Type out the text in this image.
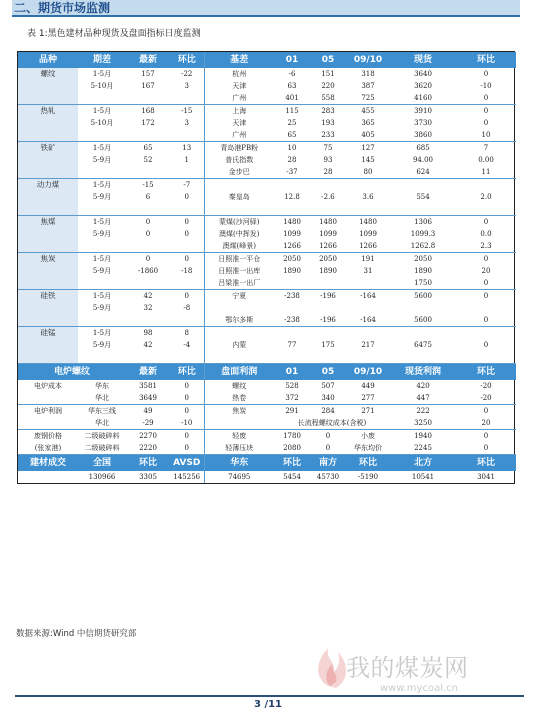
二、期货市场监测
表 1:黑色建材品种现货及盘面指标日度监测
品种	期差	最新	环比	基差	01	05	09/10	现货	环比
螺纹	1-5月	157	-22	杭州	-6	151	318	3640	0
	5-10月	167	3	天津	63	220	387	3620	-10
				广州	401	558	725	4160	0
热轧	1-5月	168	-15	上海	115	283	455	3910	0
	5-10月	172	3	天津	25	193	365	3730	0
				广州	65	233	405	3860	10
铁矿	1-5月	65	13	青岛港PB粉	10	75	127	685	7
	5-9月	52	1	普氏指数	28	93	145	94.00	0.00
				金步巴	-37	28	80	624	11
动力煤	1-5月	-15	-7						
	5-9月	6	0	秦皇岛	12.8	-2.6	3.6	554	2.0

焦煤	1-5月	0	0	蒙煤(沙河驿)	1480	1480	1480	1306	0
	5-9月	0	0	澳煤(中挥发)	1099	1099	1099	1099.3	0.0
				澳煤(峰景)	1266	1266	1266	1262.8	2.3
焦炭	1-5月	0	0	日照准一平仓	2050	2050	191	2050	0
	5-9月	-1860	-18	日照准一出库	1890	1890	31	1890	20
				吕梁准一出厂				1750	0
硅铁	1-5月	42	0	宁夏	-238	-196	-164	5600	0
	5-9月	32	-8						
				鄂尔多斯	-238	-196	-164	5600	0
硅锰	1-5月	98	8						
	5-9月	42	-4	内蒙	77	175	217	6475	0

电炉螺纹		最新	环比	盘面利润	01	05	09/10	现货利润	环比
电炉成本	华东	3581	0	螺纹	528	507	449	420	-20
	华北	3649	0	热卷	372	340	277	447	-20
电炉利润	华东三线	49	0	焦炭	291	284	271	222	0
	华北	-29	-10		长流程螺纹成本(含税)			3250	20
废钢价格	二级破碎料	2270	0	轻废	1780	0	小废	1940	0
(张家港)	二级破碎料	2220	0	轻薄压块	2080	0	华东均价	2245	0
建材成交	全国	环比	AVSD	华东	环比	南方	环比	北方	环比
	130966	3305	145256	74695	5454	45730	-5190	10541	3041
数据来源:Wind 中信期货研究部
我的煤炭网
www.mycoal.cn
3 /11
